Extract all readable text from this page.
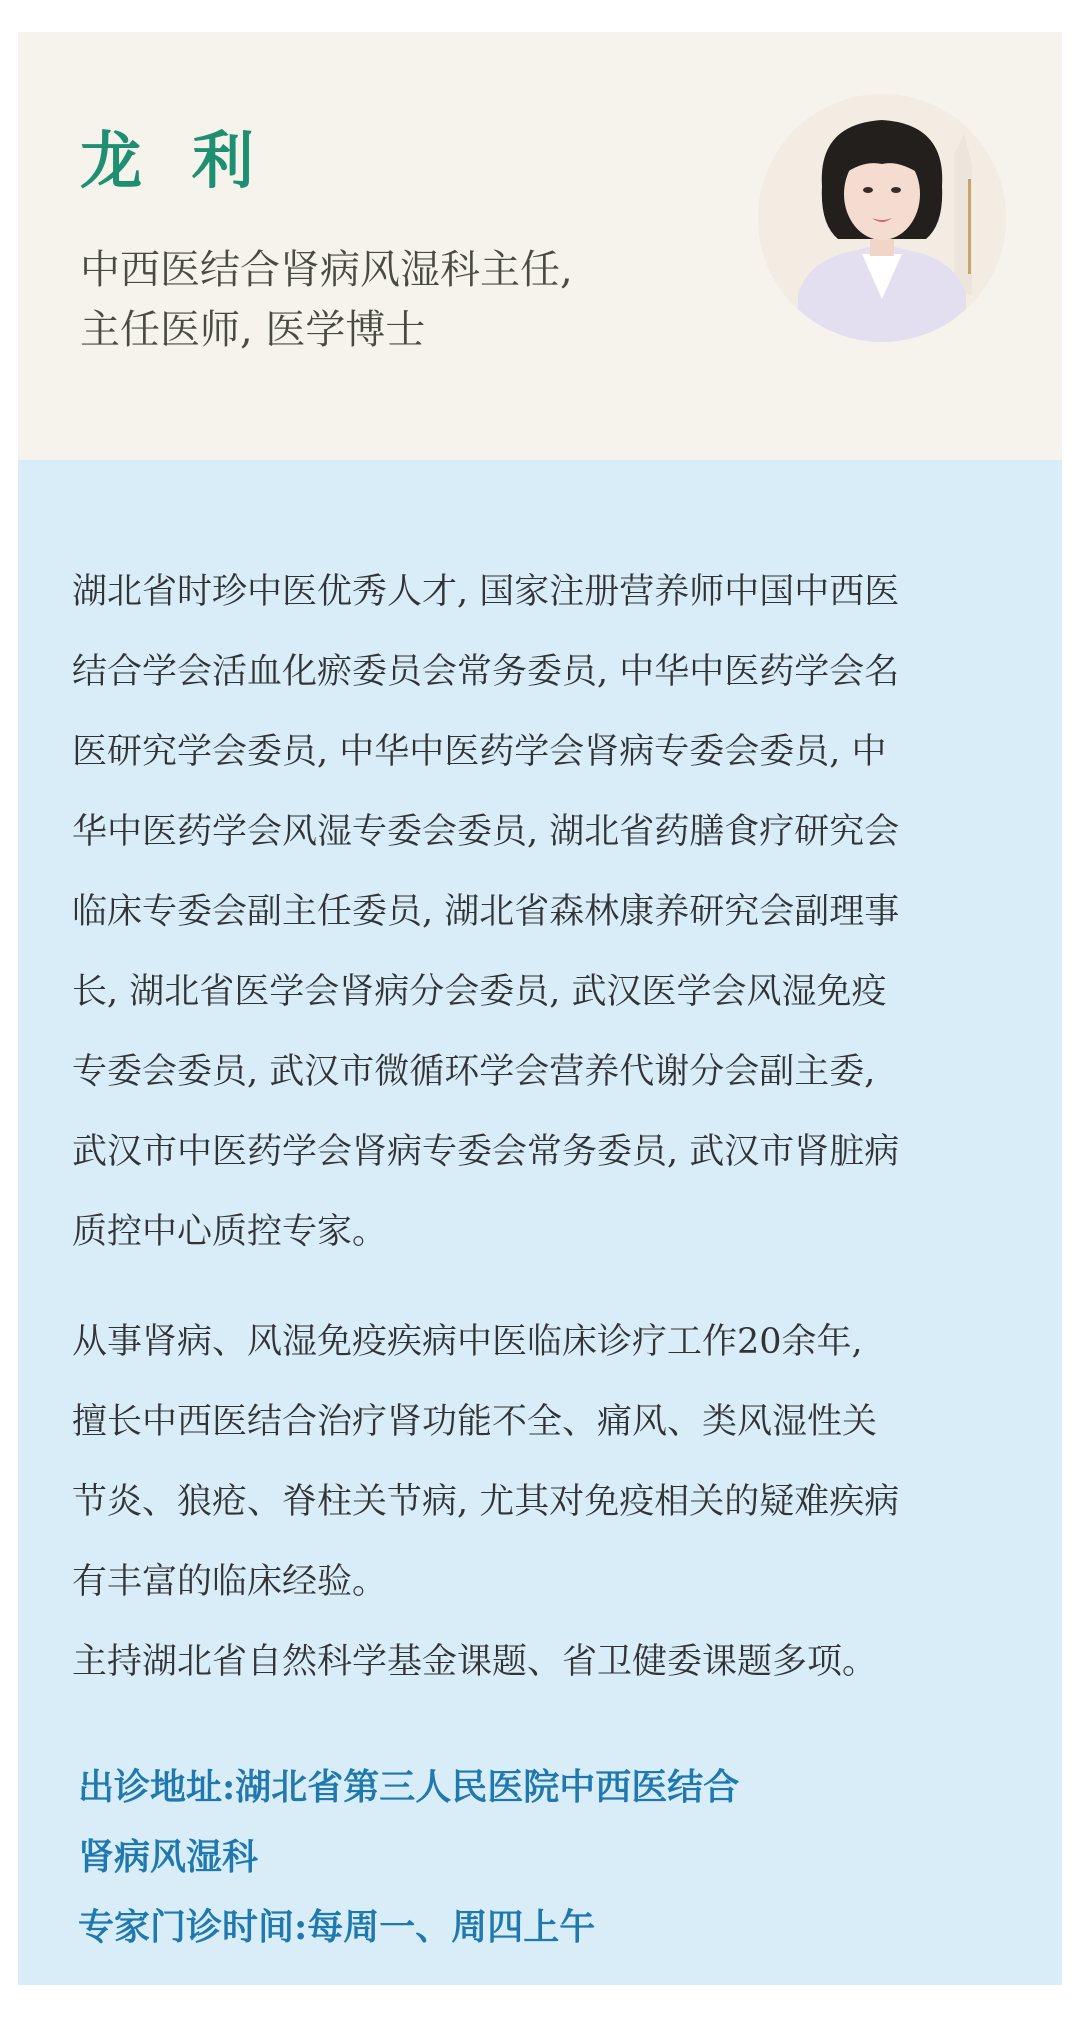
龙 利
中西医结合肾病风湿科主任,
主任医师, 医学博士
湖北省时珍中医优秀人才, 国家注册营养师中国中西医
结合学会活血化瘀委员会常务委员, 中华中医药学会名
医研究学会委员, 中华中医药学会肾病专委会委员, 中
华中医药学会风湿专委会委员, 湖北省药膳食疗研究会
临床专委会副主任委员, 湖北省森林康养研究会副理事
长, 湖北省医学会肾病分会委员, 武汉医学会风湿免疫
专委会委员, 武汉市微循环学会营养代谢分会副主委,
武汉市中医药学会肾病专委会常务委员, 武汉市肾脏病
质控中心质控专家。
从事肾病、风湿免疫疾病中医临床诊疗工作20余年,
擅长中西医结合治疗肾功能不全、痛风、类风湿性关
节炎、狼疮、脊柱关节病, 尤其对免疫相关的疑难疾病
有丰富的临床经验。
主持湖北省自然科学基金课题、省卫健委课题多项。
出诊地址:湖北省第三人民医院中西医结合
肾病风湿科
专家门诊时间:每周一、周四上午
